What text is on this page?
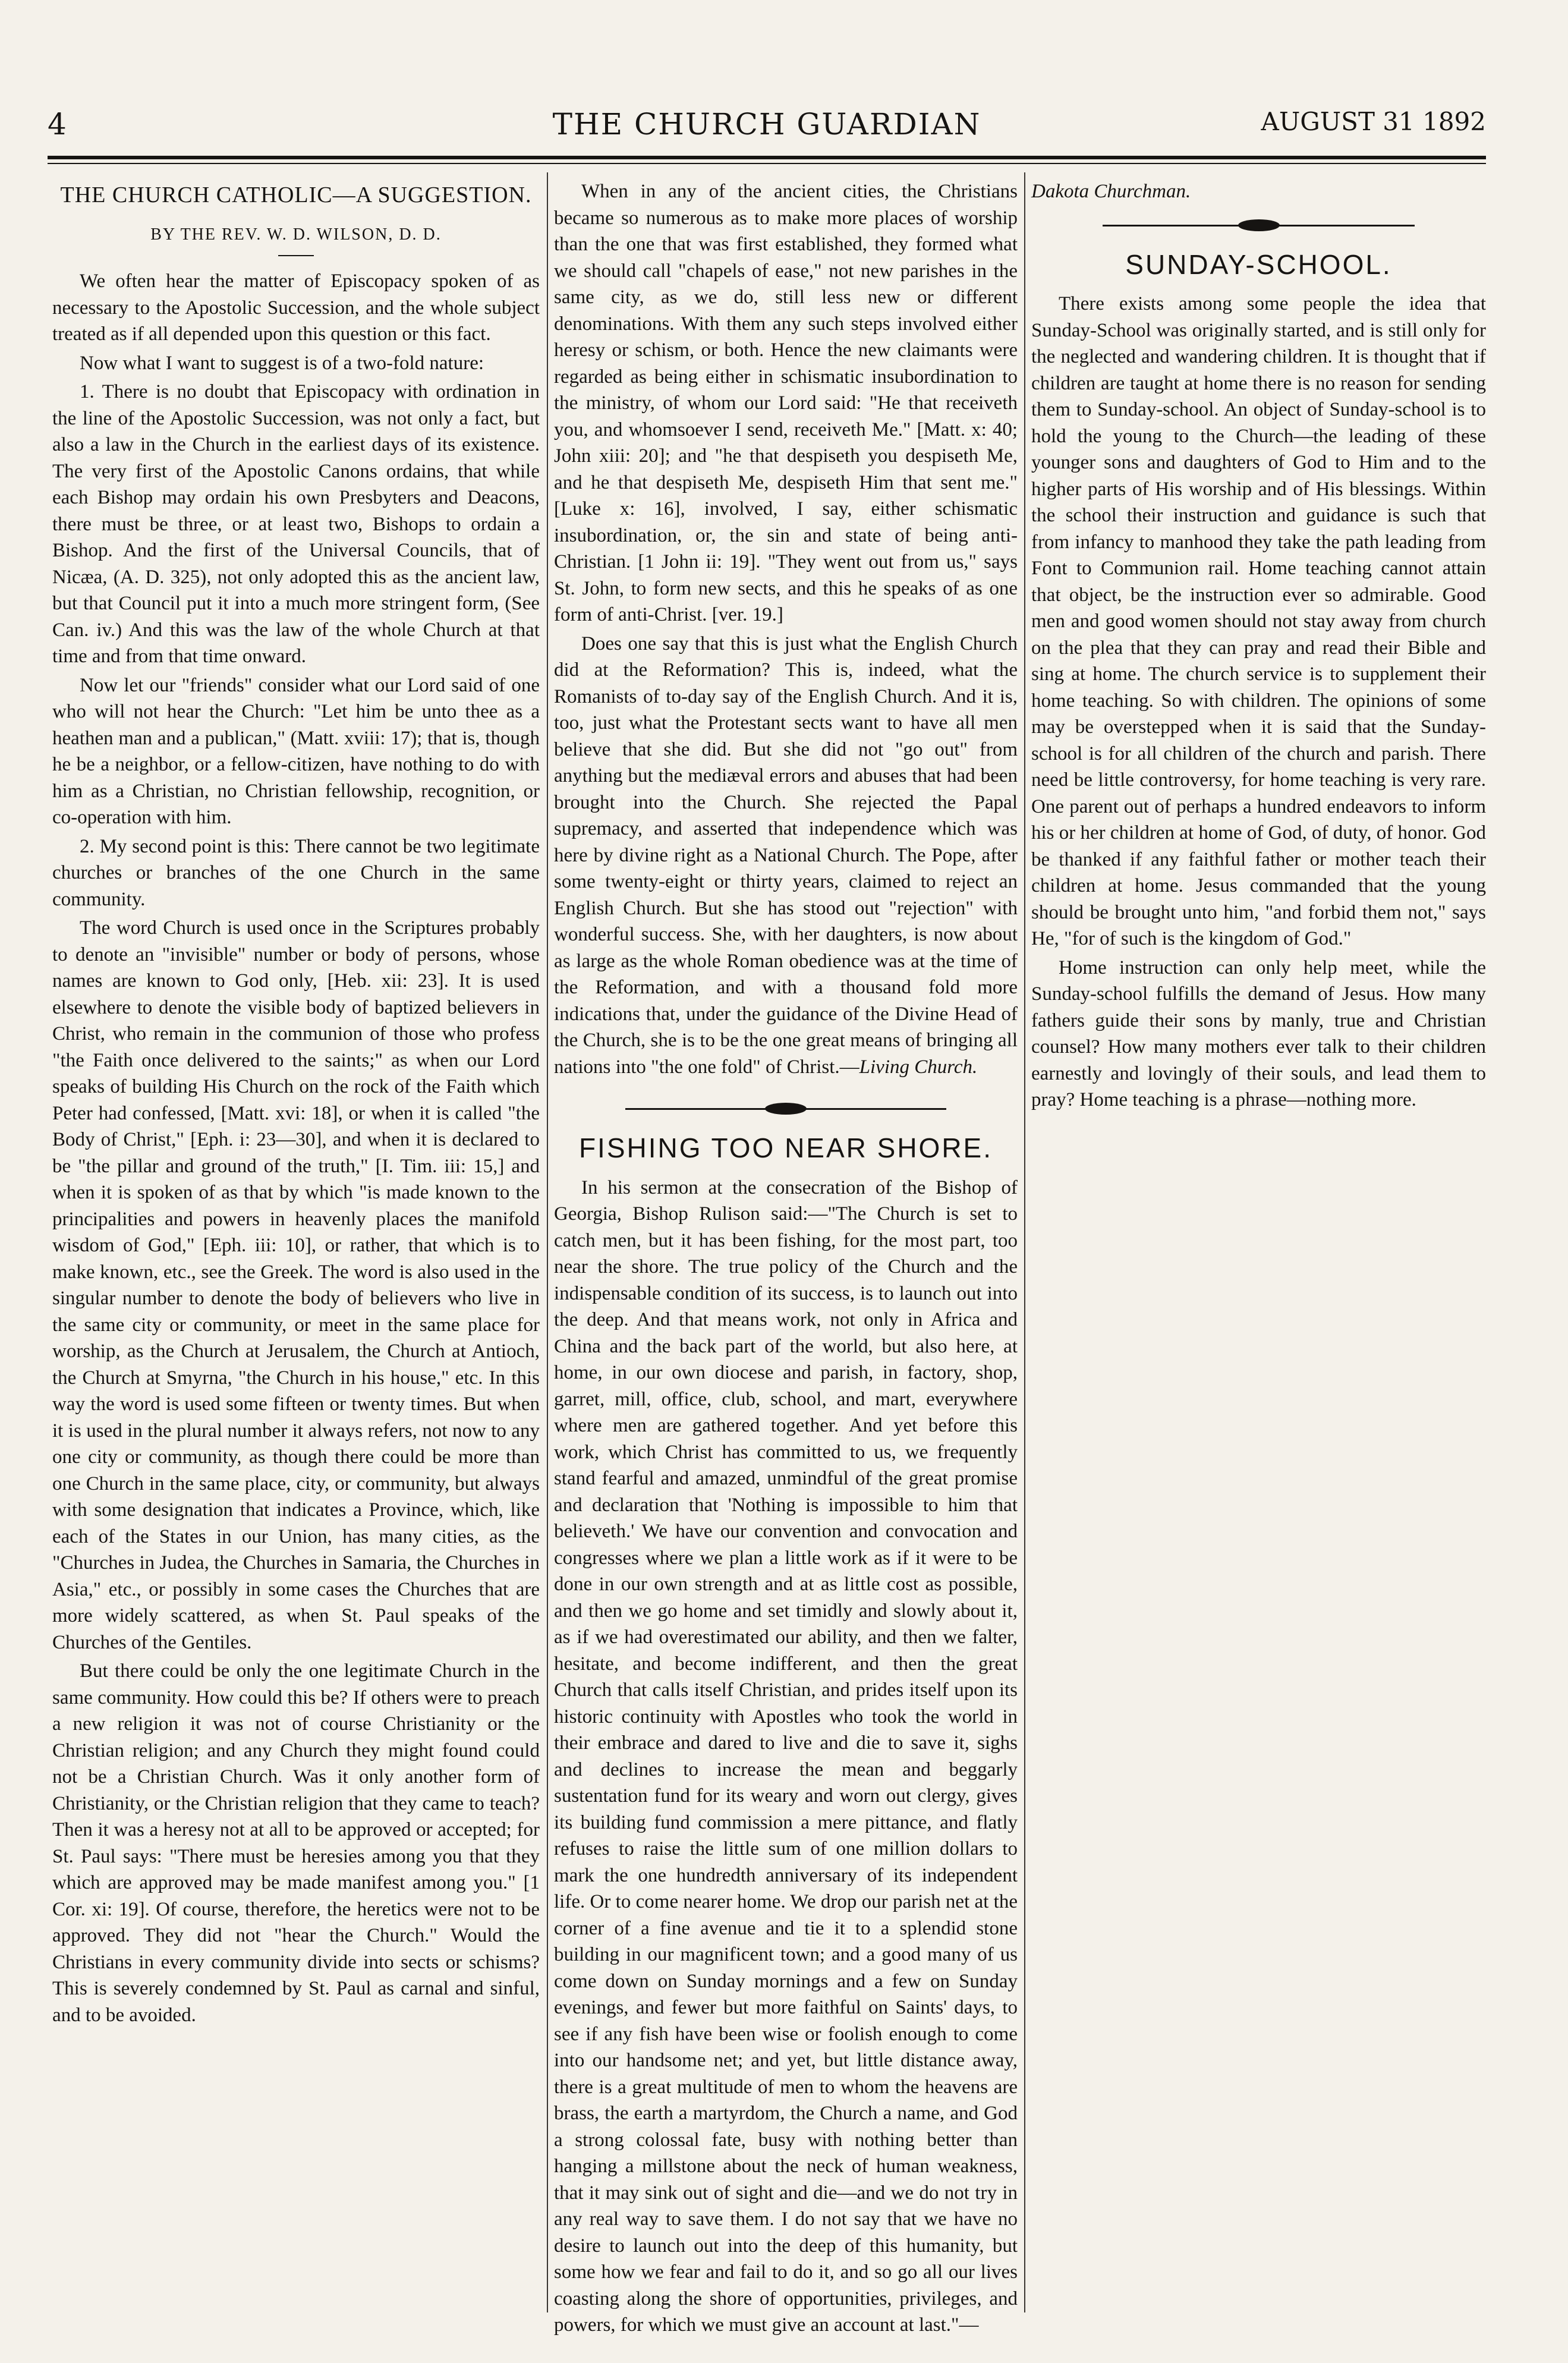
4	THE CHURCH GUARDIAN	AUGUST 31 1892
THE CHURCH CATHOLIC—A SUGGESTION.
BY THE REV. W. D. WILSON, D. D.

We often hear the matter of Episcopacy spoken of as necessary to the Apostolic Succession, and the whole subject treated as if all depended upon this question or this fact.

Now what I want to suggest is of a two-fold nature:

1. There is no doubt that Episcopacy with ordination in the line of the Apostolic Succession, was not only a fact, but also a law in the Church in the earliest days of its existence. The very first of the Apostolic Canons ordains, that while each Bishop may ordain his own Presbyters and Deacons, there must be three, or at least two, Bishops to ordain a Bishop. And the first of the Universal Councils, that of Nicæa, (A. D. 325), not only adopted this as the ancient law, but that Council put it into a much more stringent form, (See Can. iv.) And this was the law of the whole Church at that time and from that time onward.

Now let our "friends" consider what our Lord said of one who will not hear the Church: "Let him be unto thee as a heathen man and a publican," (Matt. xviii: 17); that is, though he be a neighbor, or a fellow-citizen, have nothing to do with him as a Christian, no Christian fellowship, recognition, or co-operation with him.

2. My second point is this: There cannot be two legitimate churches or branches of the one Church in the same community.

The word Church is used once in the Scriptures probably to denote an "invisible" number or body of persons, whose names are known to God only, [Heb. xii: 23]. It is used elsewhere to denote the visible body of baptized believers in Christ, who remain in the communion of those who profess "the Faith once delivered to the saints;" as when our Lord speaks of building His Church on the rock of the Faith which Peter had confessed, [Matt. xvi: 18], or when it is called "the Body of Christ," [Eph. i: 23—30], and when it is declared to be "the pillar and ground of the truth," [I. Tim. iii: 15,] and when it is spoken of as that by which "is made known to the principalities and powers in heavenly places the manifold wisdom of God," [Eph. iii: 10], or rather, that which is to make known, etc., see the Greek. The word is also used in the singular number to denote the body of believers who live in the same city or community, or meet in the same place for worship, as the Church at Jerusalem, the Church at Antioch, the Church at Smyrna, "the Church in his house," etc. In this way the word is used some fifteen or twenty times. But when it is used in the plural number it always refers, not now to any one city or community, as though there could be more than one Church in the same place, city, or community, but always with some designation that indicates a Province, which, like each of the States in our Union, has many cities, as the "Churches in Judea, the Churches in Samaria, the Churches in Asia," etc., or possibly in some cases the Churches that are more widely scattered, as when St. Paul speaks of the Churches of the Gentiles.

But there could be only the one legitimate Church in the same community. How could this be? If others were to preach a new religion it was not of course Christianity or the Christian religion; and any Church they might found could not be a Christian Church. Was it only another form of Christianity, or the Christian religion that they came to teach? Then it was a heresy not at all to be approved or accepted; for St. Paul says: "There must be heresies among you that they which are approved may be made manifest among you." [1 Cor. xi: 19]. Of course, therefore, the heretics were not to be approved. They did not "hear the Church." Would the Christians in every community divide into sects or schisms? This is severely condemned by St. Paul as carnal and sinful, and to be avoided.

When in any of the ancient cities, the Christians became so numerous as to make more places of worship than the one that was first established, they formed what we should call "chapels of ease," not new parishes in the same city, as we do, still less new or different denominations. With them any such steps involved either heresy or schism, or both. Hence the new claimants were regarded as being either in schismatic insubordination to the ministry, of whom our Lord said: "He that receiveth you, and whomsoever I send, receiveth Me." [Matt. x: 40; John xiii: 20]; and "he that despiseth you despiseth Me, and he that despiseth Me, despiseth Him that sent me." [Luke x: 16], involved, I say, either schismatic insubordination, or, the sin and state of being anti-Christian. [1 John ii: 19]. "They went out from us," says St. John, to form new sects, and this he speaks of as one form of anti-Christ. [ver. 19.]

Does one say that this is just what the English Church did at the Reformation? This is, indeed, what the Romanists of to-day say of the English Church. And it is, too, just what the Protestant sects want to have all men believe that she did. But she did not "go out" from anything but the mediæval errors and abuses that had been brought into the Church. She rejected the Papal supremacy, and asserted that independence which was here by divine right as a National Church. The Pope, after some twenty-eight or thirty years, claimed to reject an English Church. But she has stood out "rejection" with wonderful success. She, with her daughters, is now about as large as the whole Roman obedience was at the time of the Reformation, and with a thousand fold more indications that, under the guidance of the Divine Head of the Church, she is to be the one great means of bringing all nations into "the one fold" of Christ.—Living Church.

FISHING TOO NEAR SHORE.

In his sermon at the consecration of the Bishop of Georgia, Bishop Rulison said:—"The Church is set to catch men, but it has been fishing, for the most part, too near the shore. The true policy of the Church and the indispensable condition of its success, is to launch out into the deep. And that means work, not only in Africa and China and the back part of the world, but also here, at home, in our own diocese and parish, in factory, shop, garret, mill, office, club, school, and mart, everywhere where men are gathered together. And yet before this work, which Christ has committed to us, we frequently stand fearful and amazed, unmindful of the great promise and declaration that 'Nothing is impossible to him that believeth.' We have our convention and convocation and congresses where we plan a little work as if it were to be done in our own strength and at as little cost as possible, and then we go home and set timidly and slowly about it, as if we had overestimated our ability, and then we falter, hesitate, and become indifferent, and then the great Church that calls itself Christian, and prides itself upon its historic continuity with Apostles who took the world in their embrace and dared to live and die to save it, sighs and declines to increase the mean and beggarly sustentation fund for its weary and worn out clergy, gives its building fund commission a mere pittance, and flatly refuses to raise the little sum of one million dollars to mark the one hundredth anniversary of its independent life. Or to come nearer home. We drop our parish net at the corner of a fine avenue and tie it to a splendid stone building in our magnificent town; and a good many of us come down on Sunday mornings and a few on Sunday evenings, and fewer but more faithful on Saints' days, to see if any fish have been wise or foolish enough to come into our handsome net; and yet, but little distance away, there is a great multitude of men to whom the heavens are brass, the earth a martyrdom, the Church a name, and God a strong colossal fate, busy with nothing better than hanging a millstone about the neck of human weakness, that it may sink out of sight and die—and we do not try in any real way to save them. I do not say that we have no desire to launch out into the deep of this humanity, but some how we fear and fail to do it, and so go all our lives coasting along the shore of opportunities, privileges, and powers, for which we must give an account at last."—

Dakota Churchman.

SUNDAY-SCHOOL.

There exists among some people the idea that Sunday-School was originally started, and is still only for the neglected and wandering children. It is thought that if children are taught at home there is no reason for sending them to Sunday-school. An object of Sunday-school is to hold the young to the Church—the leading of these younger sons and daughters of God to Him and to the higher parts of His worship and of His blessings. Within the school their instruction and guidance is such that from infancy to manhood they take the path leading from Font to Communion rail. Home teaching cannot attain that object, be the instruction ever so admirable. Good men and good women should not stay away from church on the plea that they can pray and read their Bible and sing at home. The church service is to supplement their home teaching. So with children. The opinions of some may be overstepped when it is said that the Sunday-school is for all children of the church and parish. There need be little controversy, for home teaching is very rare. One parent out of perhaps a hundred endeavors to inform his or her children at home of God, of duty, of honor. God be thanked if any faithful father or mother teach their children at home. Jesus commanded that the young should be brought unto him, "and forbid them not," says He, "for of such is the kingdom of God."

Home instruction can only help meet, while the Sunday-school fulfills the demand of Jesus. How many fathers guide their sons by manly, true and Christian counsel? How many mothers ever talk to their children earnestly and lovingly of their souls, and lead them to pray? Home teaching is a phrase—nothing more.
